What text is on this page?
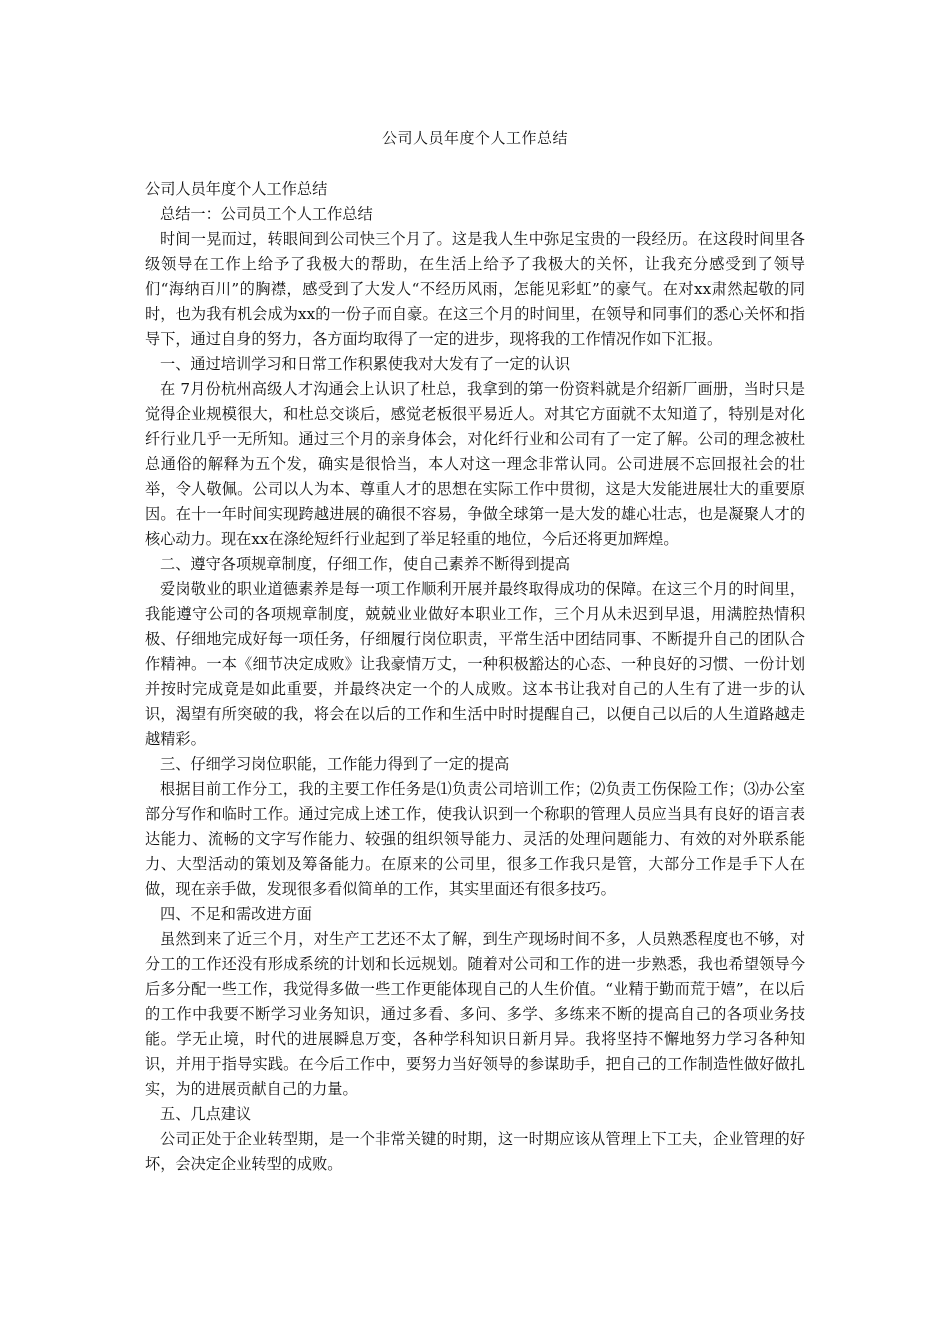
公司人员年度个人工作总结

公司人员年度个人工作总结

总结一：公司员工个人工作总结

时间一晃而过，转眼间到公司快三个月了。这是我人生中弥足宝贵的一段经历。在这段时间里各级领导在工作上给予了我极大的帮助，在生活上给予了我极大的关怀，让我充分感受到了领导们“海纳百川”的胸襟，感受到了大发人“不经历风雨，怎能见彩虹”的豪气。在对xx肃然起敬的同时，也为我有机会成为xx的一份子而自豪。在这三个月的时间里，在领导和同事们的悉心关怀和指导下，通过自身的努力，各方面均取得了一定的进步，现将我的工作情况作如下汇报。

一、通过培训学习和日常工作积累使我对大发有了一定的认识

在 7月份杭州高级人才沟通会上认识了杜总，我拿到的第一份资料就是介绍新厂画册，当时只是觉得企业规模很大，和杜总交谈后，感觉老板很平易近人。对其它方面就不太知道了，特别是对化纤行业几乎一无所知。通过三个月的亲身体会，对化纤行业和公司有了一定了解。公司的理念被杜总通俗的解释为五个发，确实是很恰当，本人对这一理念非常认同。公司进展不忘回报社会的壮举，令人敬佩。公司以人为本、尊重人才的思想在实际工作中贯彻，这是大发能进展壮大的重要原因。在十一年时间实现跨越进展的确很不容易，争做全球第一是大发的雄心壮志，也是凝聚人才的核心动力。现在xx在涤纶短纤行业起到了举足轻重的地位，今后还将更加辉煌。

二、遵守各项规章制度，仔细工作，使自己素养不断得到提高

爱岗敬业的职业道德素养是每一项工作顺利开展并最终取得成功的保障。在这三个月的时间里，我能遵守公司的各项规章制度，兢兢业业做好本职业工作，三个月从未迟到早退，用满腔热情积极、仔细地完成好每一项任务，仔细履行岗位职责，平常生活中团结同事、不断提升自己的团队合作精神。一本《细节决定成败》让我豪情万丈，一种积极豁达的心态、一种良好的习惯、一份计划并按时完成竟是如此重要，并最终决定一个的人成败。这本书让我对自己的人生有了进一步的认识，渴望有所突破的我，将会在以后的工作和生活中时时提醒自己，以便自己以后的人生道路越走越精彩。

三、仔细学习岗位职能，工作能力得到了一定的提高

根据目前工作分工，我的主要工作任务是⑴负责公司培训工作；⑵负责工伤保险工作；⑶办公室部分写作和临时工作。通过完成上述工作，使我认识到一个称职的管理人员应当具有良好的语言表达能力、流畅的文字写作能力、较强的组织领导能力、灵活的处理问题能力、有效的对外联系能力、大型活动的策划及筹备能力。在原来的公司里，很多工作我只是管，大部分工作是手下人在做，现在亲手做，发现很多看似简单的工作，其实里面还有很多技巧。

四、不足和需改进方面

虽然到来了近三个月，对生产工艺还不太了解，到生产现场时间不多，人员熟悉程度也不够，对分工的工作还没有形成系统的计划和长远规划。随着对公司和工作的进一步熟悉，我也希望领导今后多分配一些工作，我觉得多做一些工作更能体现自己的人生价值。“业精于勤而荒于嬉”，在以后的工作中我要不断学习业务知识，通过多看、多问、多学、多练来不断的提高自己的各项业务技能。学无止境，时代的进展瞬息万变，各种学科知识日新月异。我将坚持不懈地努力学习各种知识，并用于指导实践。在今后工作中，要努力当好领导的参谋助手，把自己的工作制造性做好做扎实，为的进展贡献自己的力量。

五、几点建议

公司正处于企业转型期，是一个非常关键的时期，这一时期应该从管理上下工夫，企业管理的好坏，会决定企业转型的成败。
